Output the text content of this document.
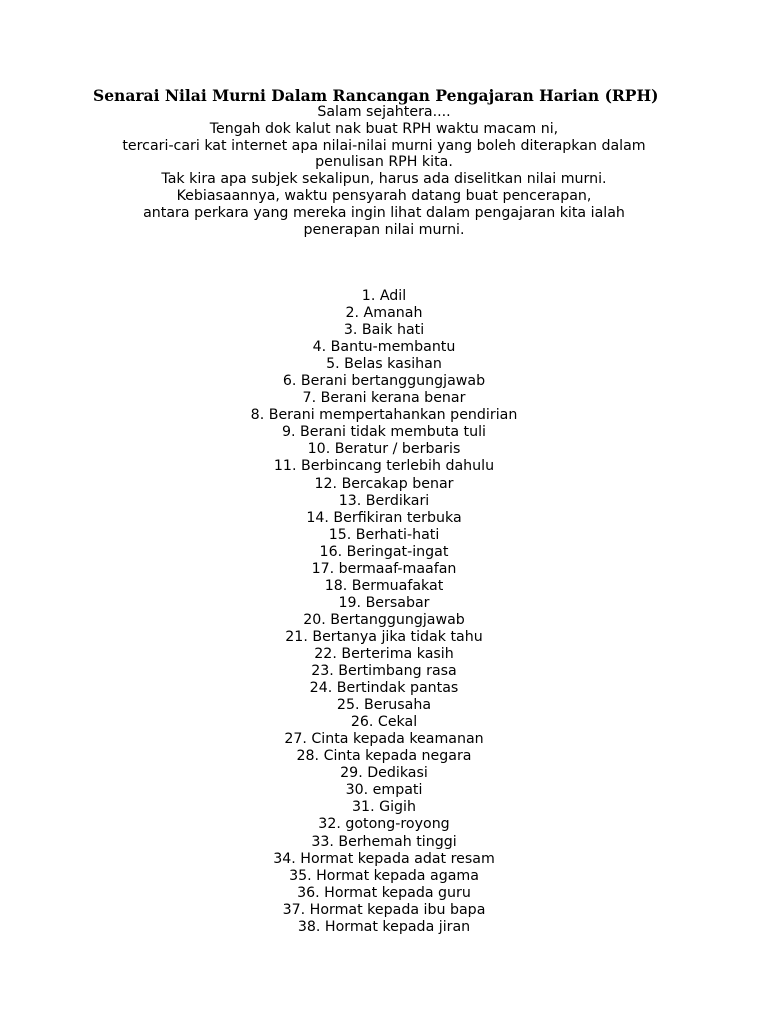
Senarai Nilai Murni Dalam Rancangan Pengajaran Harian (RPH)
Salam sejahtera....
Tengah dok kalut nak buat RPH waktu macam ni,
tercari-cari kat internet apa nilai-nilai murni yang boleh diterapkan dalam
penulisan RPH kita.
Tak kira apa subjek sekalipun, harus ada diselitkan nilai murni.
Kebiasaannya, waktu pensyarah datang buat pencerapan,
antara perkara yang mereka ingin lihat dalam pengajaran kita ialah
penerapan nilai murni.
1. Adil
2. Amanah
3. Baik hati
4. Bantu-membantu
5. Belas kasihan
6. Berani bertanggungjawab
7. Berani kerana benar
8. Berani mempertahankan pendirian
9. Berani tidak membuta tuli
10. Beratur / berbaris
11. Berbincang terlebih dahulu
12. Bercakap benar
13. Berdikari
14. Berfikiran terbuka
15. Berhati-hati
16. Beringat-ingat
17. bermaaf-maafan
18. Bermuafakat
19. Bersabar
20. Bertanggungjawab
21. Bertanya jika tidak tahu
22. Berterima kasih
23. Bertimbang rasa
24. Bertindak pantas
25. Berusaha
26. Cekal
27. Cinta kepada keamanan
28. Cinta kepada negara
29. Dedikasi
30. empati
31. Gigih
32. gotong-royong
33. Berhemah tinggi
34. Hormat kepada adat resam
35. Hormat kepada agama
36. Hormat kepada guru
37. Hormat kepada ibu bapa
38. Hormat kepada jiran
